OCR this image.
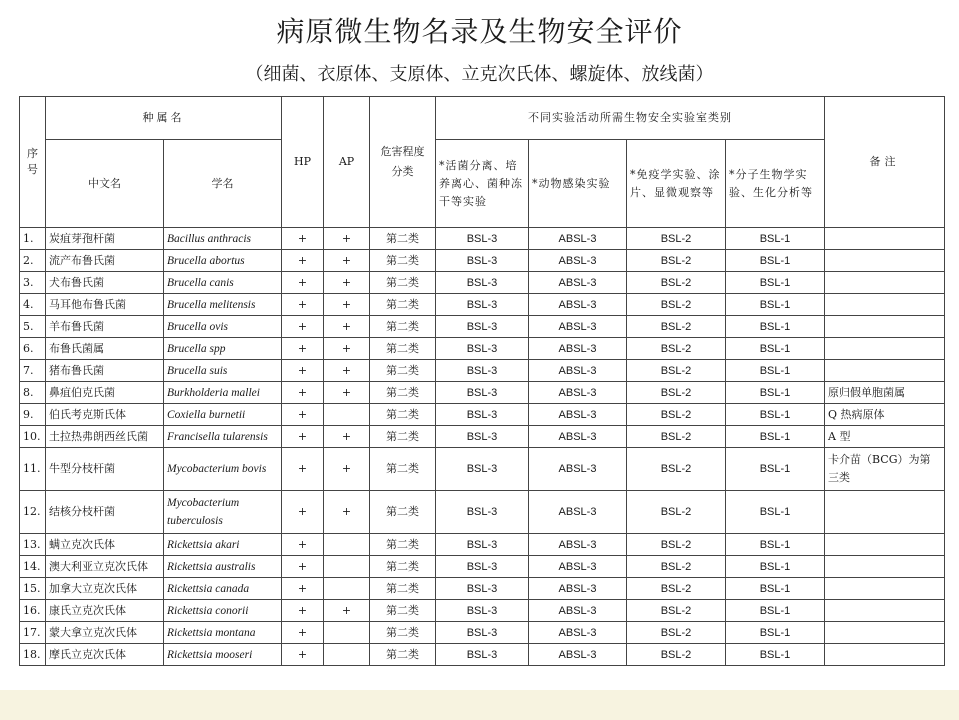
病原微生物名录及生物安全评价
（细菌、衣原体、支原体、立克次氏体、螺旋体、放线菌）
序号	种属名		HP	AP	危害程度分类	不同实验活动所需生物安全实验室类别				备注
	中文名	学名				*活菌分离、培养离心、菌种冻干等实验	*动物感染实验	*免疫学实验、涂片、显微观察等	*分子生物学实验、生化分析等	
1.	炭疽芽孢杆菌	Bacillus anthracis	+	+	第二类	BSL-3	ABSL-3	BSL-2	BSL-1	
2.	流产布鲁氏菌	Brucella abortus	+	+	第二类	BSL-3	ABSL-3	BSL-2	BSL-1	
3.	犬布鲁氏菌	Brucella canis	+	+	第二类	BSL-3	ABSL-3	BSL-2	BSL-1	
4.	马耳他布鲁氏菌	Brucella melitensis	+	+	第二类	BSL-3	ABSL-3	BSL-2	BSL-1	
5.	羊布鲁氏菌	Brucella ovis	+	+	第二类	BSL-3	ABSL-3	BSL-2	BSL-1	
6.	布鲁氏菌属	Brucella spp	+	+	第二类	BSL-3	ABSL-3	BSL-2	BSL-1	
7.	猪布鲁氏菌	Brucella suis	+	+	第二类	BSL-3	ABSL-3	BSL-2	BSL-1	
8.	鼻疽伯克氏菌	Burkholderia mallei	+	+	第二类	BSL-3	ABSL-3	BSL-2	BSL-1	原归假单胞菌属
9.	伯氏考克斯氏体	Coxiella burnetii	+		第二类	BSL-3	ABSL-3	BSL-2	BSL-1	Q 热病原体
10.	土拉热弗朗西丝氏菌	Francisella tularensis	+	+	第二类	BSL-3	ABSL-3	BSL-2	BSL-1	A 型
11.	牛型分枝杆菌	Mycobacterium bovis	+	+	第二类	BSL-3	ABSL-3	BSL-2	BSL-1	卡介苗（BCG）为第三类
12.	结核分枝杆菌	Mycobacterium tuberculosis	+	+	第二类	BSL-3	ABSL-3	BSL-2	BSL-1	
13.	螨立克次氏体	Rickettsia akari	+		第二类	BSL-3	ABSL-3	BSL-2	BSL-1	
14.	澳大利亚立克次氏体	Rickettsia australis	+		第二类	BSL-3	ABSL-3	BSL-2	BSL-1	
15.	加拿大立克次氏体	Rickettsia canada	+		第二类	BSL-3	ABSL-3	BSL-2	BSL-1	
16.	康氏立克次氏体	Rickettsia conorii	+	+	第二类	BSL-3	ABSL-3	BSL-2	BSL-1	
17.	蒙大拿立克次氏体	Rickettsia montana	+		第二类	BSL-3	ABSL-3	BSL-2	BSL-1	
18.	摩氏立克次氏体	Rickettsia mooseri	+		第二类	BSL-3	ABSL-3	BSL-2	BSL-1	
